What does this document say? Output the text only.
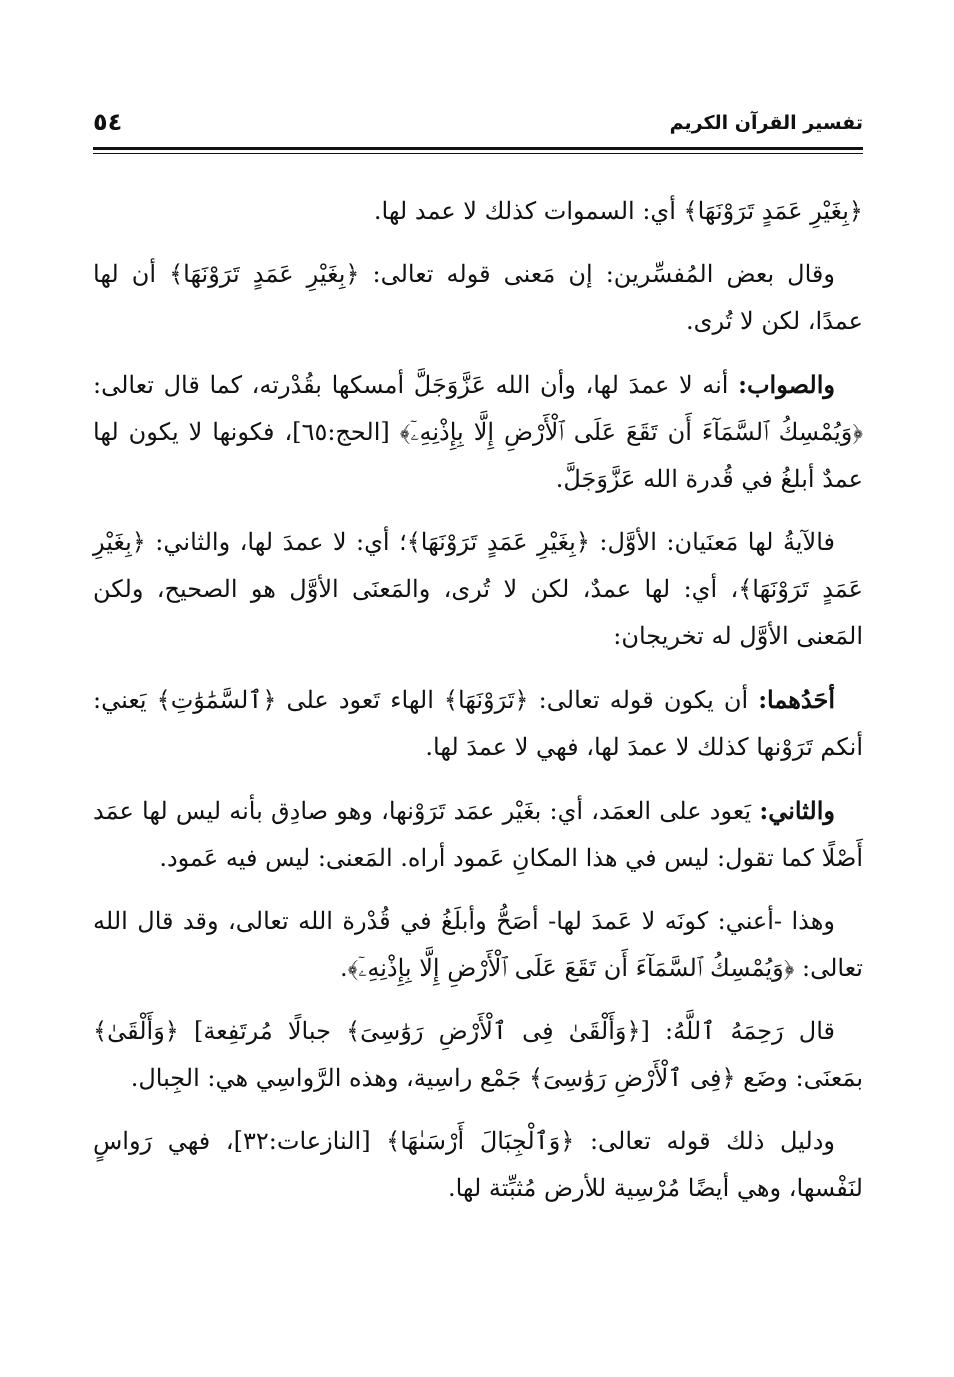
تفسير القرآن الكريم
٥٤

﴿بِغَيْرِ عَمَدٍ تَرَوْنَهَا﴾ أي: السموات كذلك لا عمد لها.

وقال بعض المُفسِّرين: إن مَعنى قوله تعالى: ﴿بِغَيْرِ عَمَدٍ تَرَوْنَهَا﴾ أن لها عمدًا، لكن لا تُرى.

والصواب: أنه لا عمدَ لها، وأن الله عَزَّوَجَلَّ أمسكها بقُدْرته، كما قال تعالى: ﴿وَيُمْسِكُ ٱلسَّمَآءَ أَن تَقَعَ عَلَى ٱلْأَرْضِ إِلَّا بِإِذْنِهِۦٓ﴾ [الحج:٦٥]، فكونها لا يكون لها عمدٌ أبلغُ في قُدرة الله عَزَّوَجَلَّ.

فالآيةُ لها مَعنَيان: الأوَّل: ﴿بِغَيْرِ عَمَدٍ تَرَوْنَهَا﴾؛ أي: لا عمدَ لها، والثاني: ﴿بِغَيْرِ عَمَدٍ تَرَوْنَهَا﴾، أي: لها عمدٌ، لكن لا تُرى، والمَعنَى الأوَّل هو الصحيح، ولكن المَعنى الأوَّل له تخريجان:

أحَدُهما: أن يكون قوله تعالى: ﴿تَرَوْنَهَا﴾ الهاء تَعود على ﴿ٱلسَّمَٰوَٰتِ﴾ يَعني: أنكم تَرَوْنها كذلك لا عمدَ لها، فهي لا عمدَ لها.

والثاني: يَعود على العمَد، أي: بغَيْر عمَد تَرَوْنها، وهو صادِق بأنه ليس لها عمَد أَصْلًا كما تقول: ليس في هذا المكانِ عَمود أراه. المَعنى: ليس فيه عَمود.

وهذا -أعني: كونَه لا عَمدَ لها- أصَحُّ وأبلَغُ في قُدْرة الله تعالى، وقد قال الله تعالى: ﴿وَيُمْسِكُ ٱلسَّمَآءَ أَن تَقَعَ عَلَى ٱلْأَرْضِ إِلَّا بِإِذْنِهِۦٓ﴾.

قال رَحِمَهُ ٱللَّهُ: [﴿وَأَلْقَىٰ فِى ٱلْأَرْضِ رَوَٰسِىَ﴾ جبالًا مُرتَفِعة] ﴿وَأَلْقَىٰ﴾ بمَعنَى: وضَع ﴿فِى ٱلْأَرْضِ رَوَٰسِىَ﴾ جَمْع راسِية، وهذه الرَّواسِي هي: الجِبال.

ودليل ذلك قوله تعالى: ﴿وَٱلْجِبَالَ أَرْسَىٰهَا﴾ [النازعات:٣٢]، فهي رَواسٍ لنَفْسها، وهي أيضًا مُرْسِية للأرض مُثبِّتة لها.
